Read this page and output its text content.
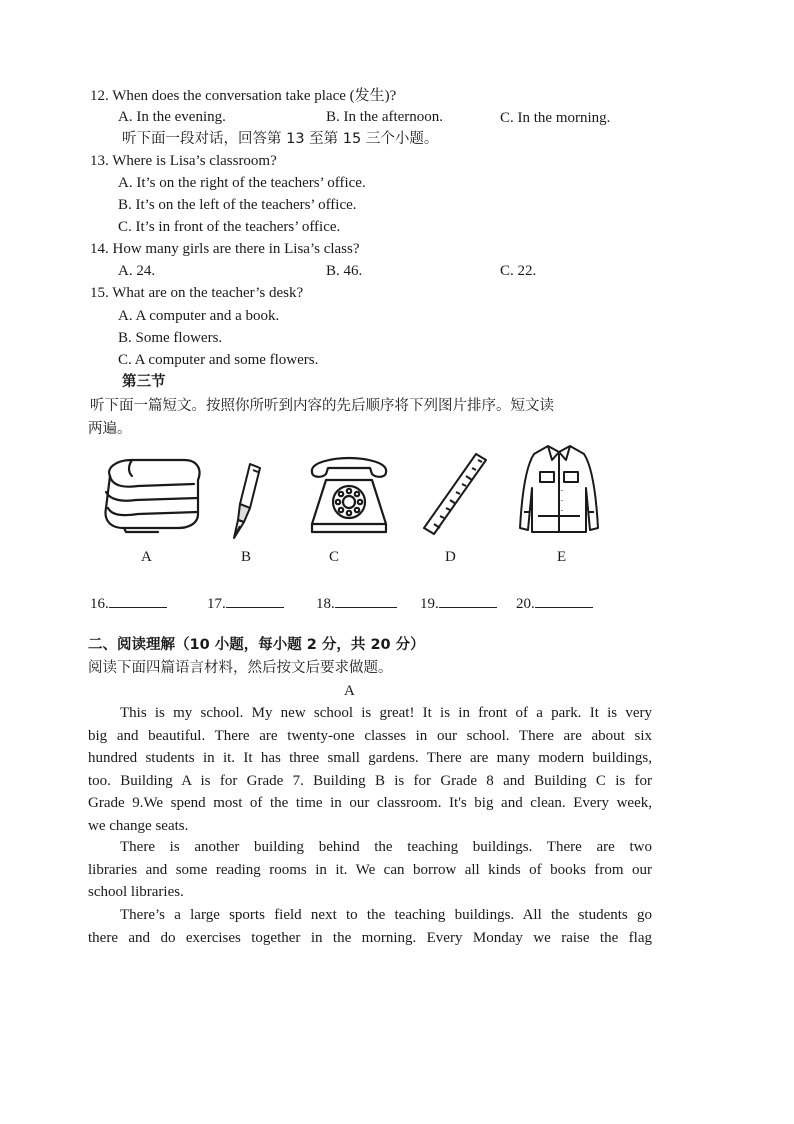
12. When does the conversation take place (发生)?
A. In the evening.	B. In the afternoon.	C. In the morning.
听下面一段对话，回答第 13 至第 15 三个小题。
13. Where is Lisa’s classroom?
A. It’s on the right of the teachers’ office.
B. It’s on the left of the teachers’ office.
C. It’s in front of the teachers’ office.
14. How many girls are there in Lisa’s class?
A. 24.	B. 46.	C. 22.
15. What are on the teacher’s desk?
A. A computer and a book.
B. Some flowers.
C. A computer and some flowers.
第三节
听下面一篇短文。按照你所听到内容的先后顺序将下列图片排序。短文读
两遍。
A	B	C	D	E
16.	17.	18.	19.	20.
二、阅读理解（10 小题，每小题 2 分，共 20 分）
阅读下面四篇语言材料，然后按文后要求做题。
A
This is my school. My new school is great! It is in front of a park. It is very
big and beautiful. There are twenty-one classes in our school. There are about six
hundred students in it. It has three small gardens. There are many modern buildings,
too. Building A is for Grade 7. Building B is for Grade 8 and Building C is for
Grade 9.We spend most of the time in our classroom. It's big and clean. Every week,
we change seats.
There is another building behind the teaching buildings. There are two
libraries and some reading rooms in it. We can borrow all kinds of books from our
school libraries.
There’s a large sports field next to the teaching buildings. All the students go
there and do exercises together in the morning. Every Monday we raise the flag
